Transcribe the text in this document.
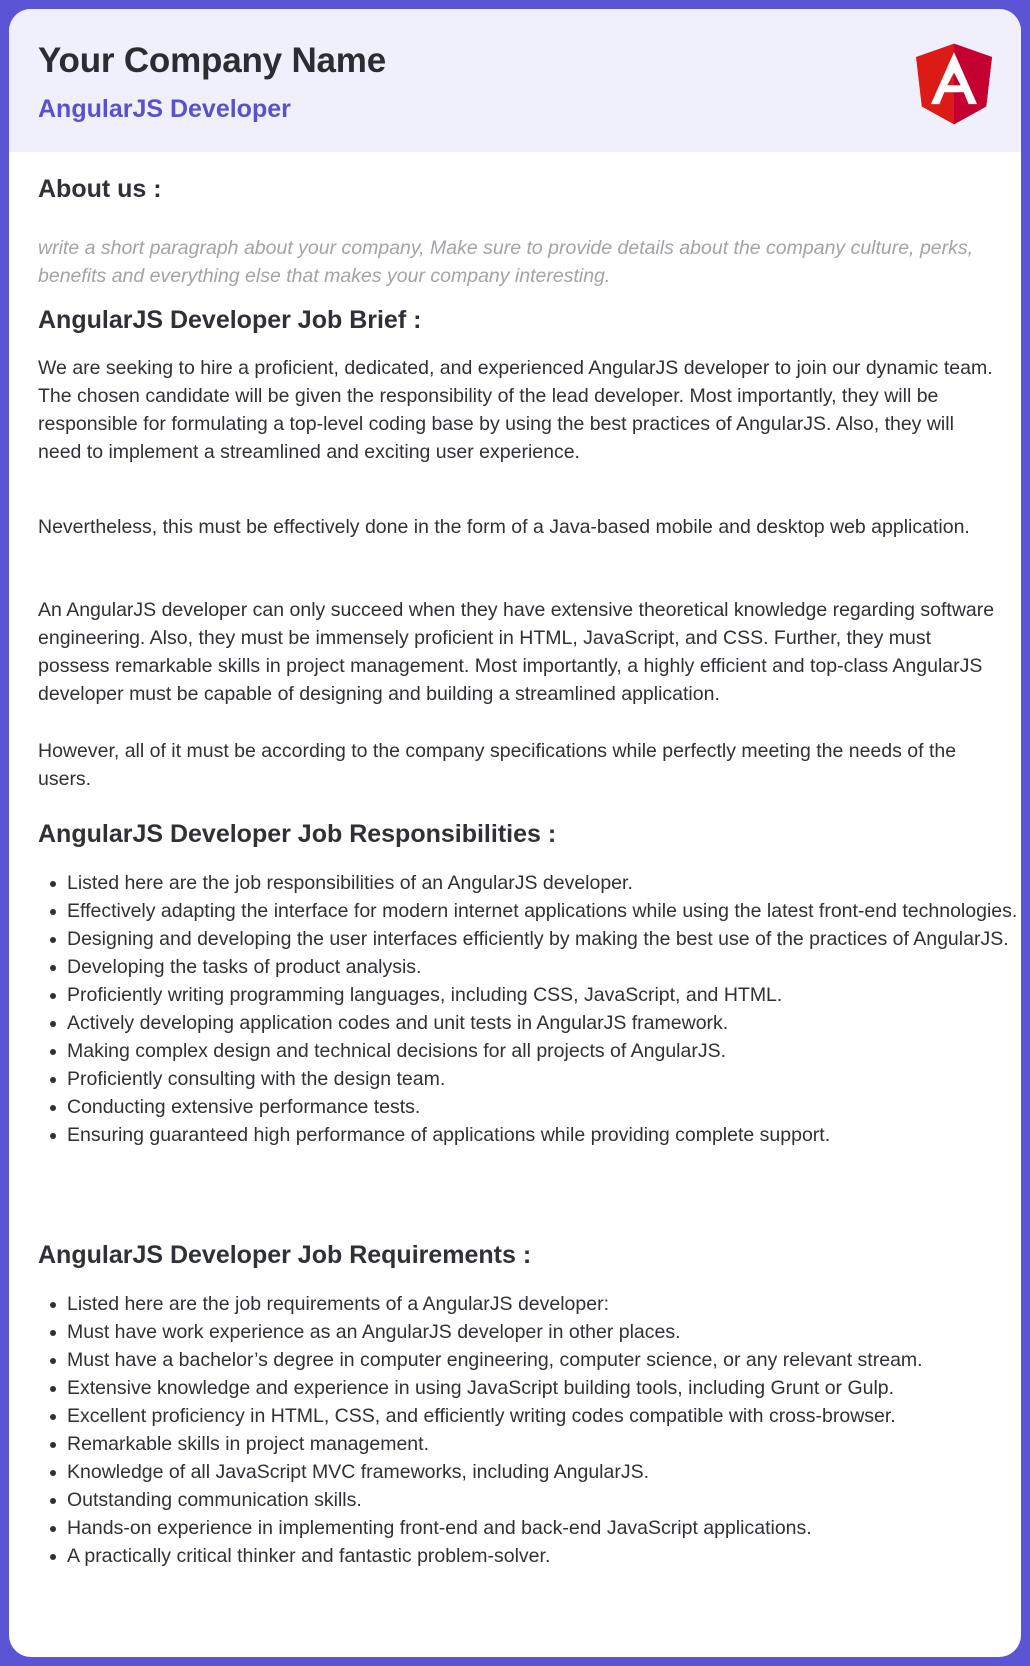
Your Company Name
AngularJS Developer
About us :

write a short paragraph about your company, Make sure to provide details about the company culture, perks, benefits and everything else that makes your company interesting.

AngularJS Developer Job Brief :

We are seeking to hire a proficient, dedicated, and experienced AngularJS developer to join our dynamic team. The chosen candidate will be given the responsibility of the lead developer. Most importantly, they will be responsible for formulating a top-level coding base by using the best practices of AngularJS. Also, they will need to implement a streamlined and exciting user experience.

Nevertheless, this must be effectively done in the form of a Java-based mobile and desktop web application.

An AngularJS developer can only succeed when they have extensive theoretical knowledge regarding software engineering. Also, they must be immensely proficient in HTML, JavaScript, and CSS. Further, they must possess remarkable skills in project management. Most importantly, a highly efficient and top-class AngularJS developer must be capable of designing and building a streamlined application.

However, all of it must be according to the company specifications while perfectly meeting the needs of the users.

AngularJS Developer Job Responsibilities :
Listed here are the job responsibilities of an AngularJS developer.
Effectively adapting the interface for modern internet applications while using the latest front-end technologies.
Designing and developing the user interfaces efficiently by making the best use of the practices of AngularJS.
Developing the tasks of product analysis.
Proficiently writing programming languages, including CSS, JavaScript, and HTML.
Actively developing application codes and unit tests in AngularJS framework.
Making complex design and technical decisions for all projects of AngularJS.
Proficiently consulting with the design team.
Conducting extensive performance tests.
Ensuring guaranteed high performance of applications while providing complete support.
AngularJS Developer Job Requirements :
Listed here are the job requirements of a AngularJS developer:
Must have work experience as an AngularJS developer in other places.
Must have a bachelor’s degree in computer engineering, computer science, or any relevant stream.
Extensive knowledge and experience in using JavaScript building tools, including Grunt or Gulp.
Excellent proficiency in HTML, CSS, and efficiently writing codes compatible with cross-browser.
Remarkable skills in project management.
Knowledge of all JavaScript MVC frameworks, including AngularJS.
Outstanding communication skills.
Hands-on experience in implementing front-end and back-end JavaScript applications.
A practically critical thinker and fantastic problem-solver.
